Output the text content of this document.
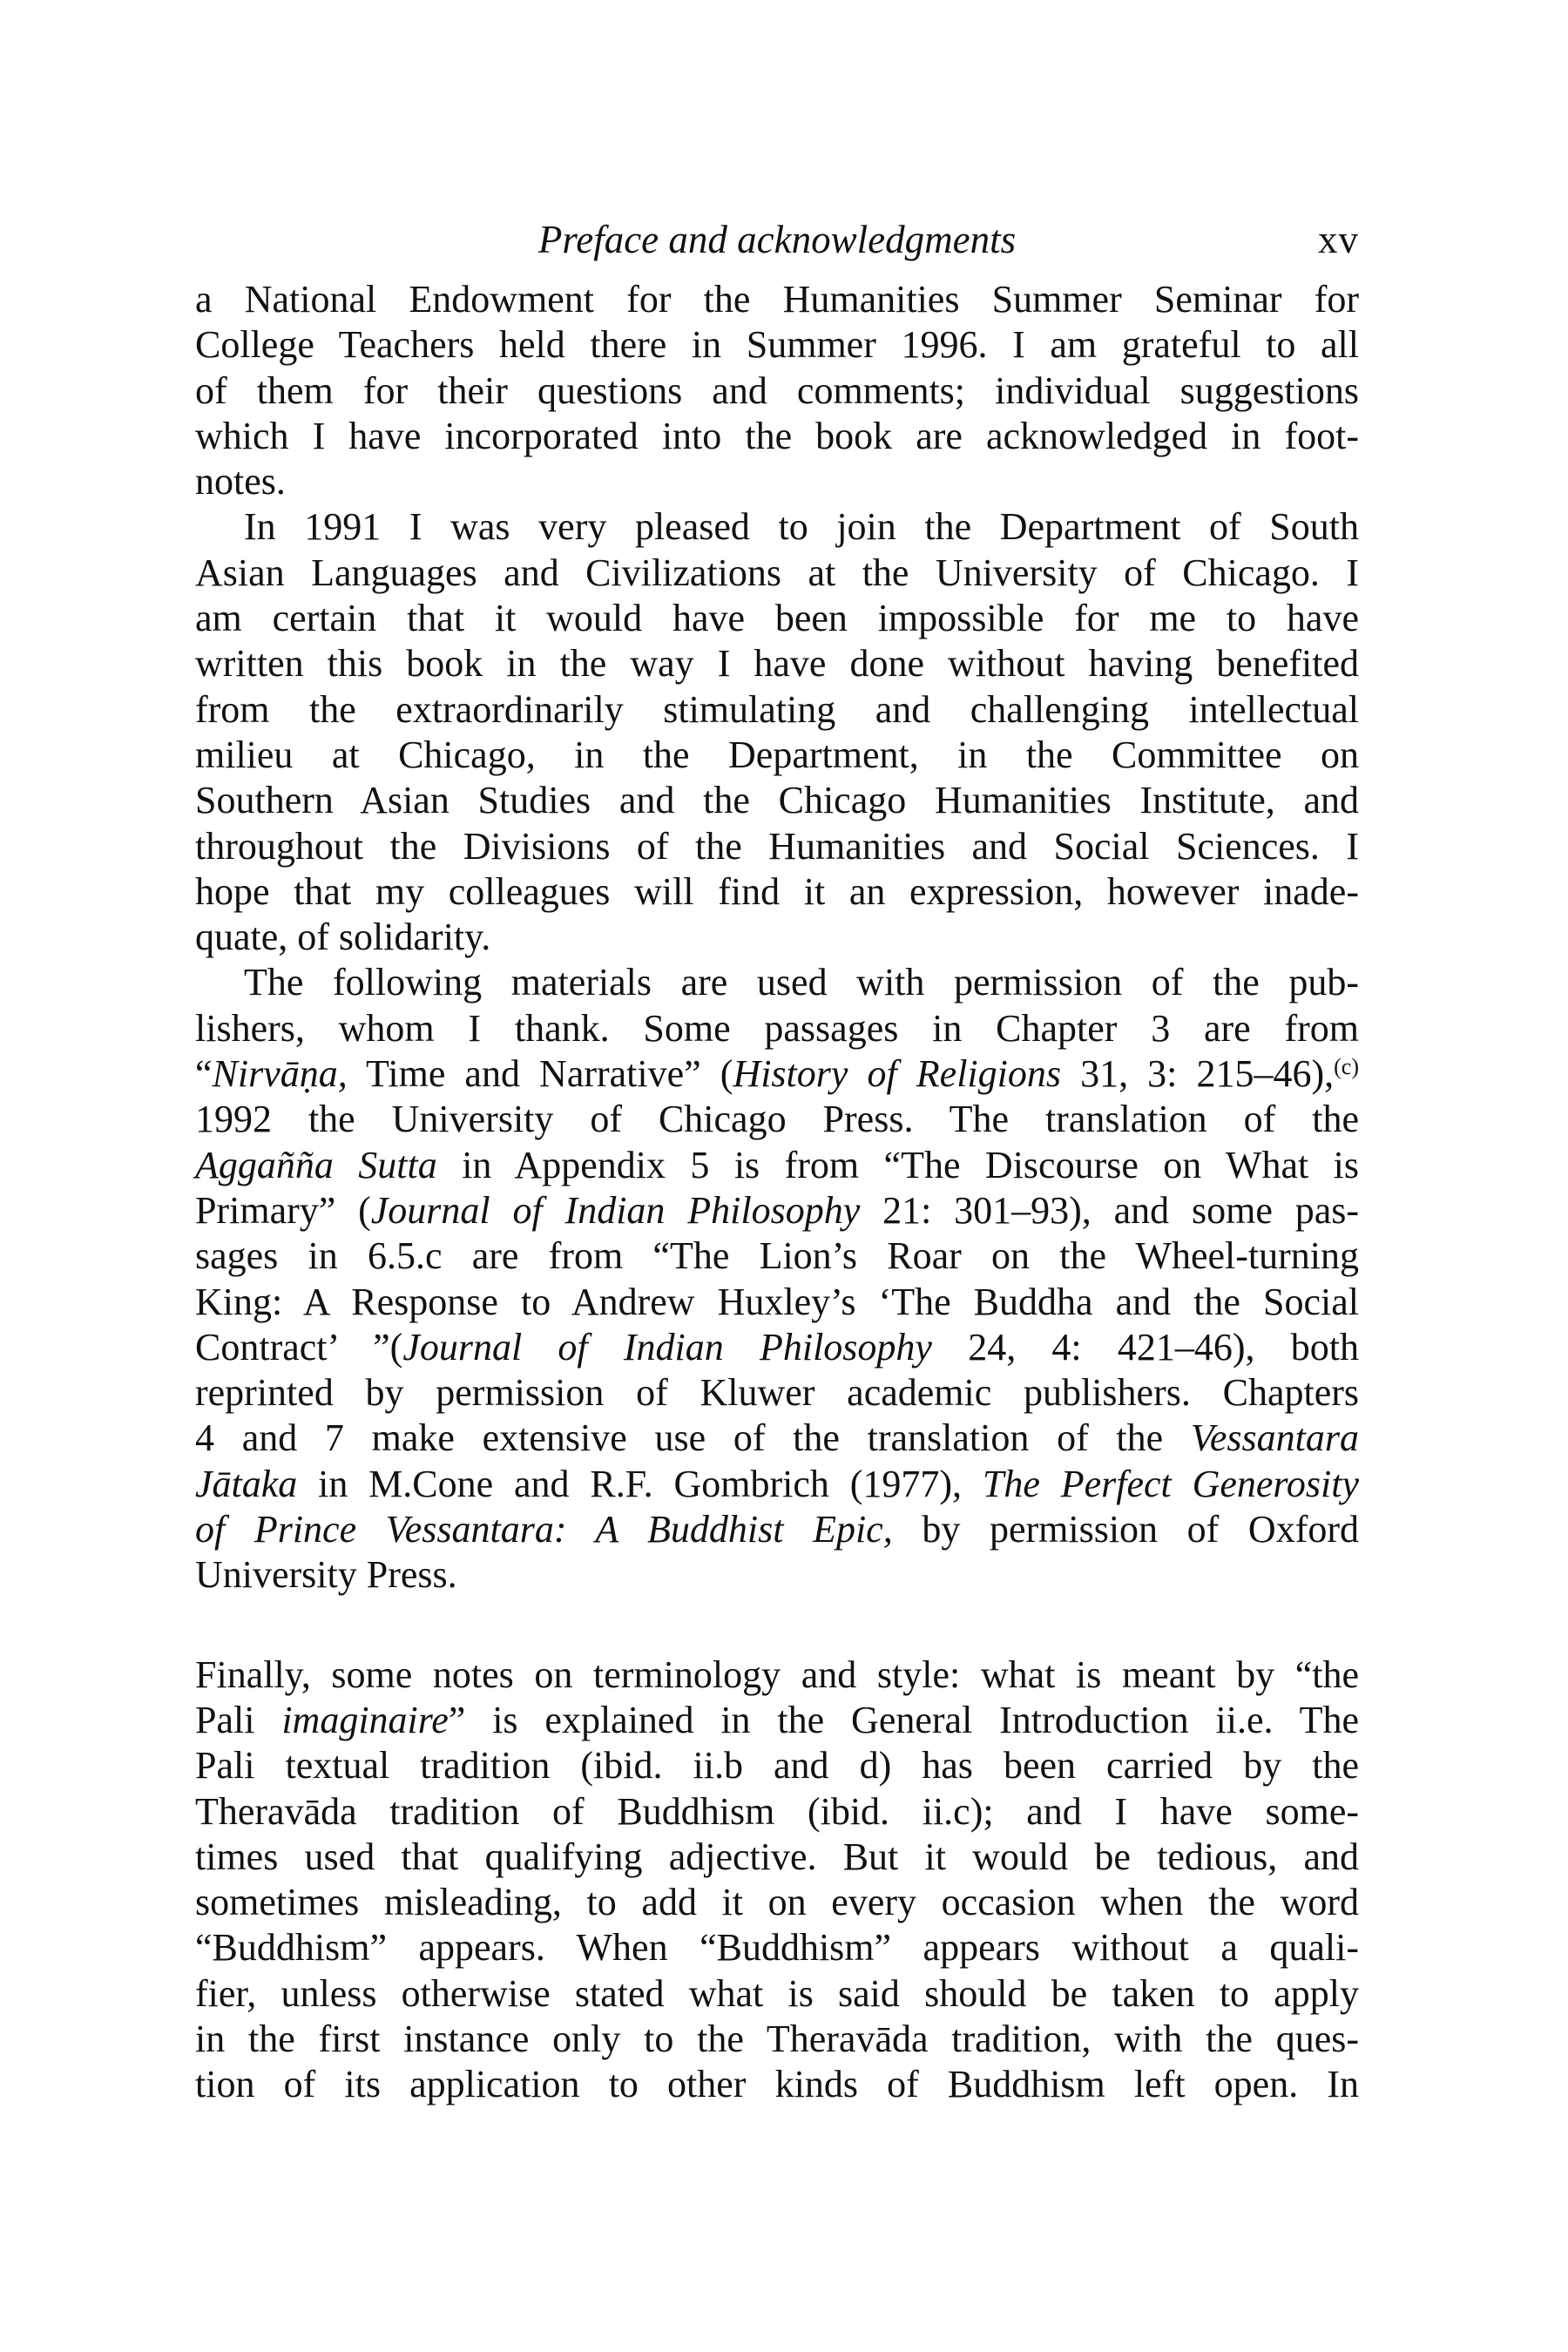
Preface and acknowledgments	xv
a National Endowment for the Humanities Summer Seminar for
College Teachers held there in Summer 1996. I am grateful to all
of them for their questions and comments; individual suggestions
which I have incorporated into the book are acknowledged in foot-
notes.
In 1991 I was very pleased to join the Department of South
Asian Languages and Civilizations at the University of Chicago. I
am certain that it would have been impossible for me to have
written this book in the way I have done without having benefited
from the extraordinarily stimulating and challenging intellectual
milieu at Chicago, in the Department, in the Committee on
Southern Asian Studies and the Chicago Humanities Institute, and
throughout the Divisions of the Humanities and Social Sciences. I
hope that my colleagues will find it an expression, however inade-
quate, of solidarity.
The following materials are used with permission of the pub-
lishers, whom I thank. Some passages in Chapter 3 are from
“Nirvāṇa, Time and Narrative” (History of Religions 31, 3: 215–46),$^{(c)}$
1992 the University of Chicago Press. The translation of the
Aggañña Sutta in Appendix 5 is from “The Discourse on What is
Primary” (Journal of Indian Philosophy 21: 301–93), and some pas-
sages in 6.5.c are from “The Lion’s Roar on the Wheel-turning
King: A Response to Andrew Huxley’s ‘The Buddha and the Social
Contract’ ”(Journal of Indian Philosophy 24, 4: 421–46), both
reprinted by permission of Kluwer academic publishers. Chapters
4 and 7 make extensive use of the translation of the Vessantara
Jātaka in M.Cone and R.F. Gombrich (1977), The Perfect Generosity
of Prince Vessantara: A Buddhist Epic, by permission of Oxford
University Press.
Finally, some notes on terminology and style: what is meant by “the
Pali imaginaire” is explained in the General Introduction ii.e. The
Pali textual tradition (ibid. ii.b and d) has been carried by the
Theravāda tradition of Buddhism (ibid. ii.c); and I have some-
times used that qualifying adjective. But it would be tedious, and
sometimes misleading, to add it on every occasion when the word
“Buddhism” appears. When “Buddhism” appears without a quali-
fier, unless otherwise stated what is said should be taken to apply
in the first instance only to the Theravāda tradition, with the ques-
tion of its application to other kinds of Buddhism left open. In
